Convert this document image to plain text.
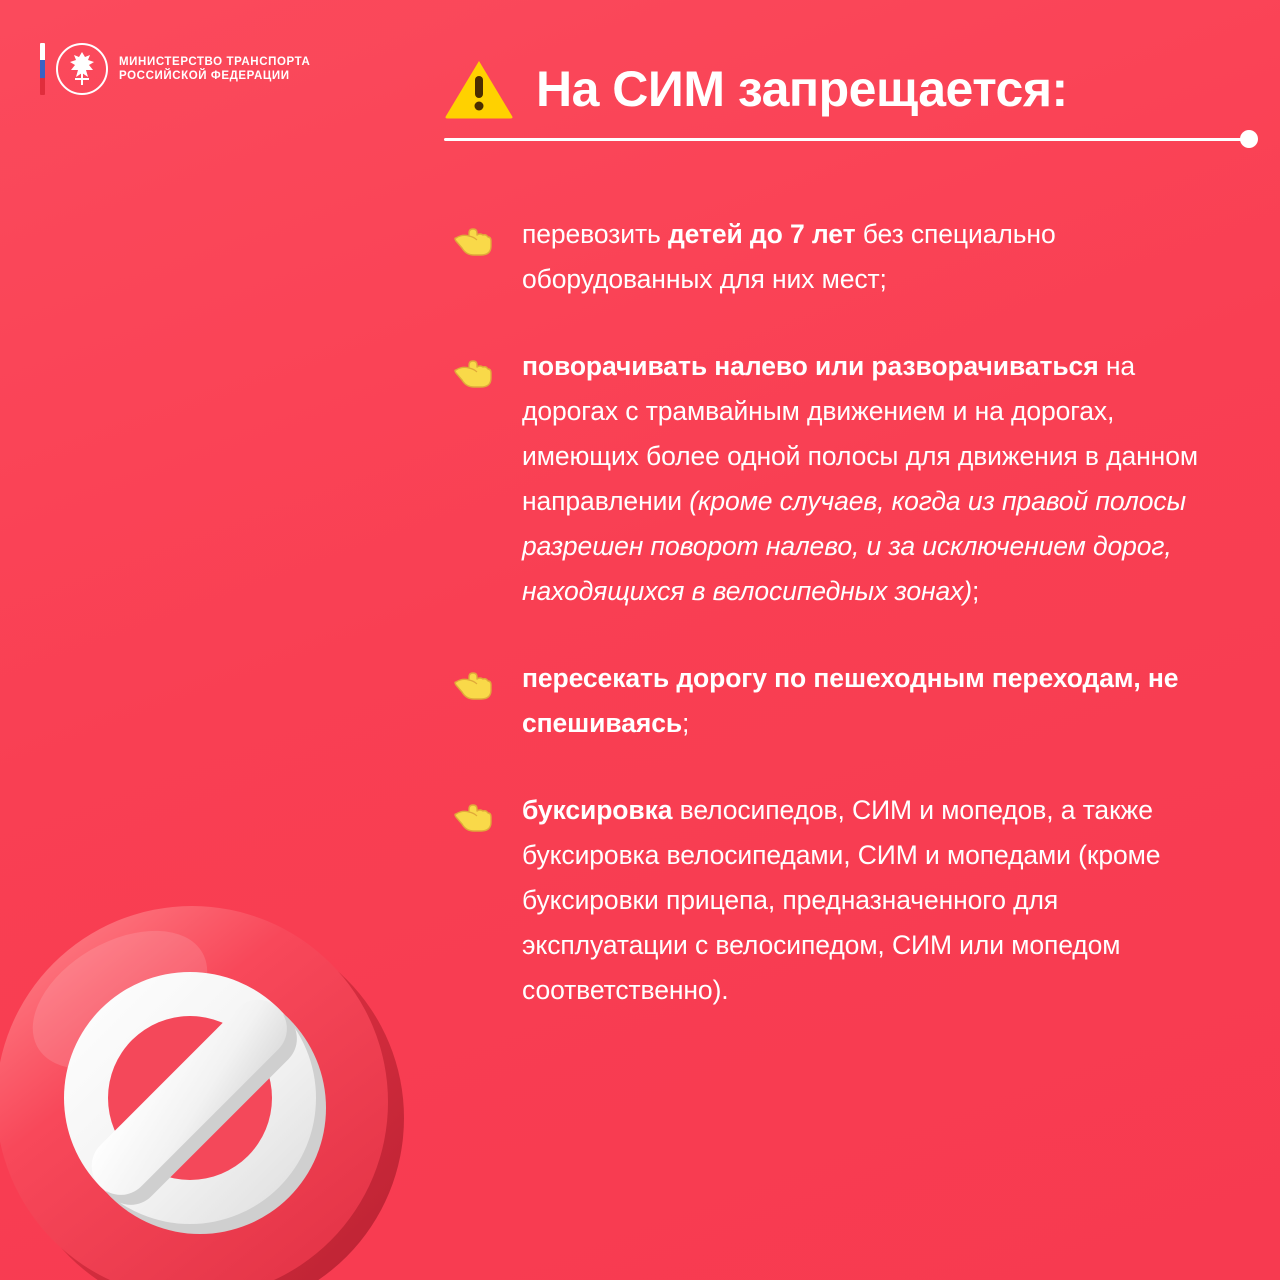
МИНИСТЕРСТВО ТРАНСПОРТА
РОССИЙСКОЙ ФЕДЕРАЦИИ	На СИМ запрещается:
перевозить детей до 7 лет без специально оборудованных для них мест;
поворачивать налево или разворачиваться на дорогах с трамвайным движением и на дорогах, имеющих более одной полосы для движения в данном направлении (кроме случаев, когда из правой полосы разрешен поворот налево, и за исключением дорог, находящихся в велосипедных зонах);
пересекать дорогу по пешеходным переходам, не спешиваясь;
буксировка велосипедов, СИМ и мопедов, а также буксировка велосипедами, СИМ и мопедами (кроме буксировки прицепа, предназначенного для эксплуатации с велосипедом, СИМ или мопедом соответственно).
